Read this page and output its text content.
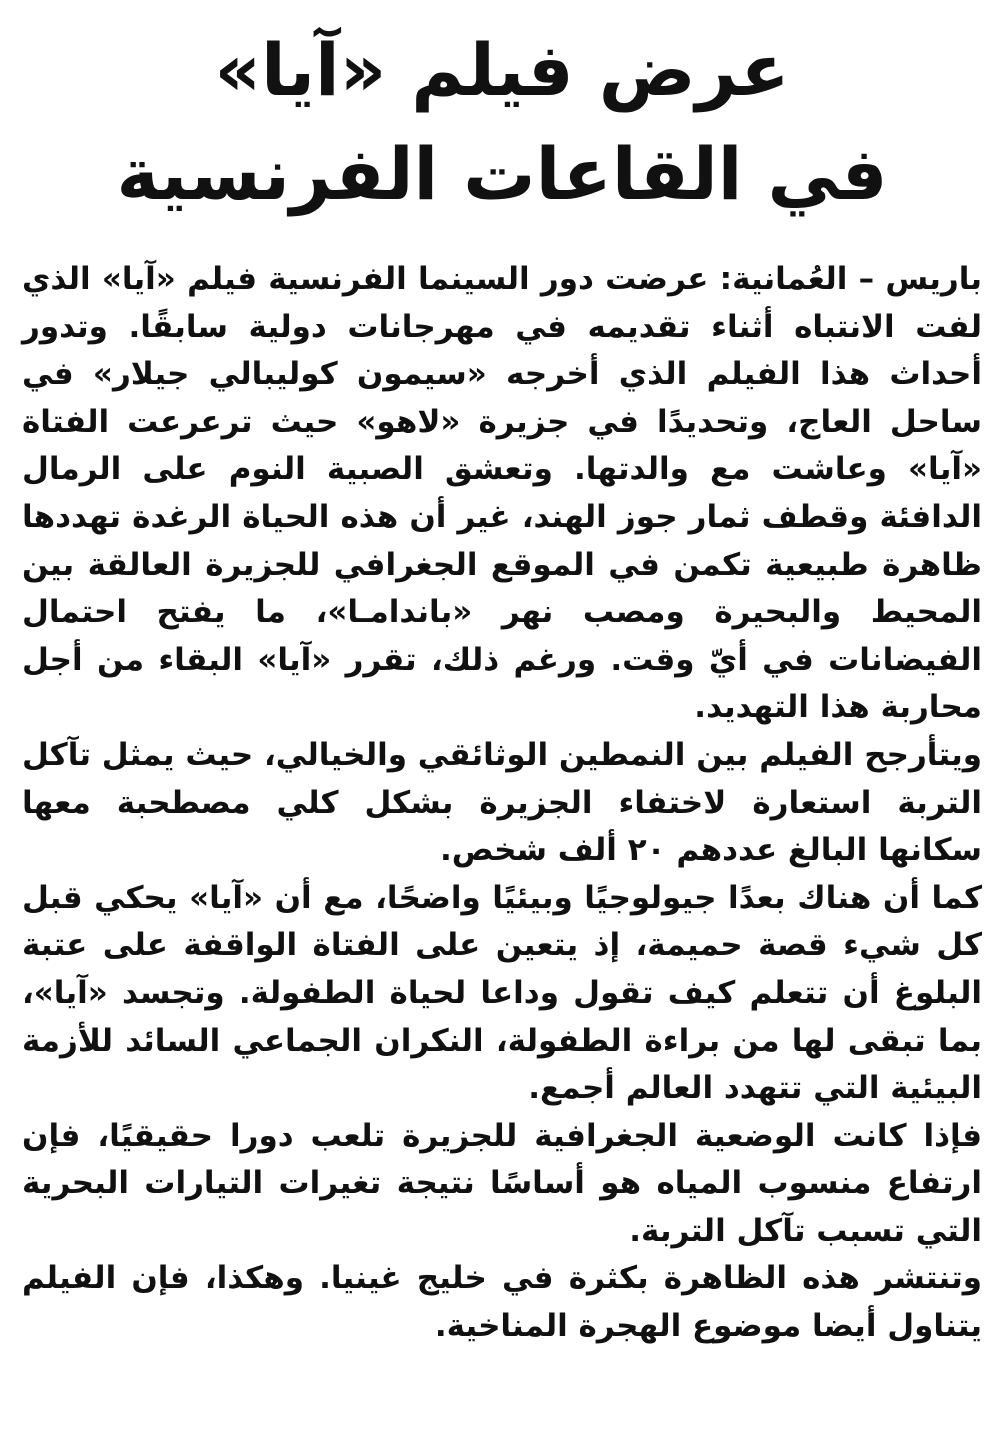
عرض فيلم «آيا»
في القاعات الفرنسية

باريس – العُمانية: عرضت دور السينما الفرنسية فيلم «آيا» الذي لفت الانتباه أثناء تقديمه في مهرجانات دولية سابقًا. وتدور أحداث هذا الفيلم الذي أخرجه «سيمون كوليبالي جيلار» في ساحل العاج، وتحديدًا في جزيرة «لاهو» حيث ترعرعت الفتاة «آيا» وعاشت مع والدتها. وتعشق الصبية النوم على الرمال الدافئة وقطف ثمار جوز الهند، غير أن هذه الحياة الرغدة تهددها ظاهرة طبيعية تكمن في الموقع الجغرافي للجزيرة العالقة بين المحيط والبحيرة ومصب نهر «باندامـا»، ما يفتح احتمال الفيضانات في أيّ وقت. ورغم ذلك، تقرر «آيا» البقاء من أجل محاربة هذا التهديد.

ويتأرجح الفيلم بين النمطين الوثائقي والخيالي، حيث يمثل تآكل التربة استعارة لاختفاء الجزيرة بشكل كلي مصطحبة معها سكانها البالغ عددهم ٢٠ ألف شخص.

كما أن هناك بعدًا جيولوجيًا وبيئيًا واضحًا، مع أن «آيا» يحكي قبل كل شيء قصة حميمة، إذ يتعين على الفتاة الواقفة على عتبة البلوغ أن تتعلم كيف تقول وداعا لحياة الطفولة. وتجسد «آيا»، بما تبقى لها من براءة الطفولة، النكران الجماعي السائد للأزمة البيئية التي تتهدد العالم أجمع.

فإذا كانت الوضعية الجغرافية للجزيرة تلعب دورا حقيقيًا، فإن ارتفاع منسوب المياه هو أساسًا نتيجة تغيرات التيارات البحرية التي تسبب تآكل التربة.

وتنتشر هذه الظاهرة بكثرة في خليج غينيا. وهكذا، فإن الفيلم يتناول أيضا موضوع الهجرة المناخية.
